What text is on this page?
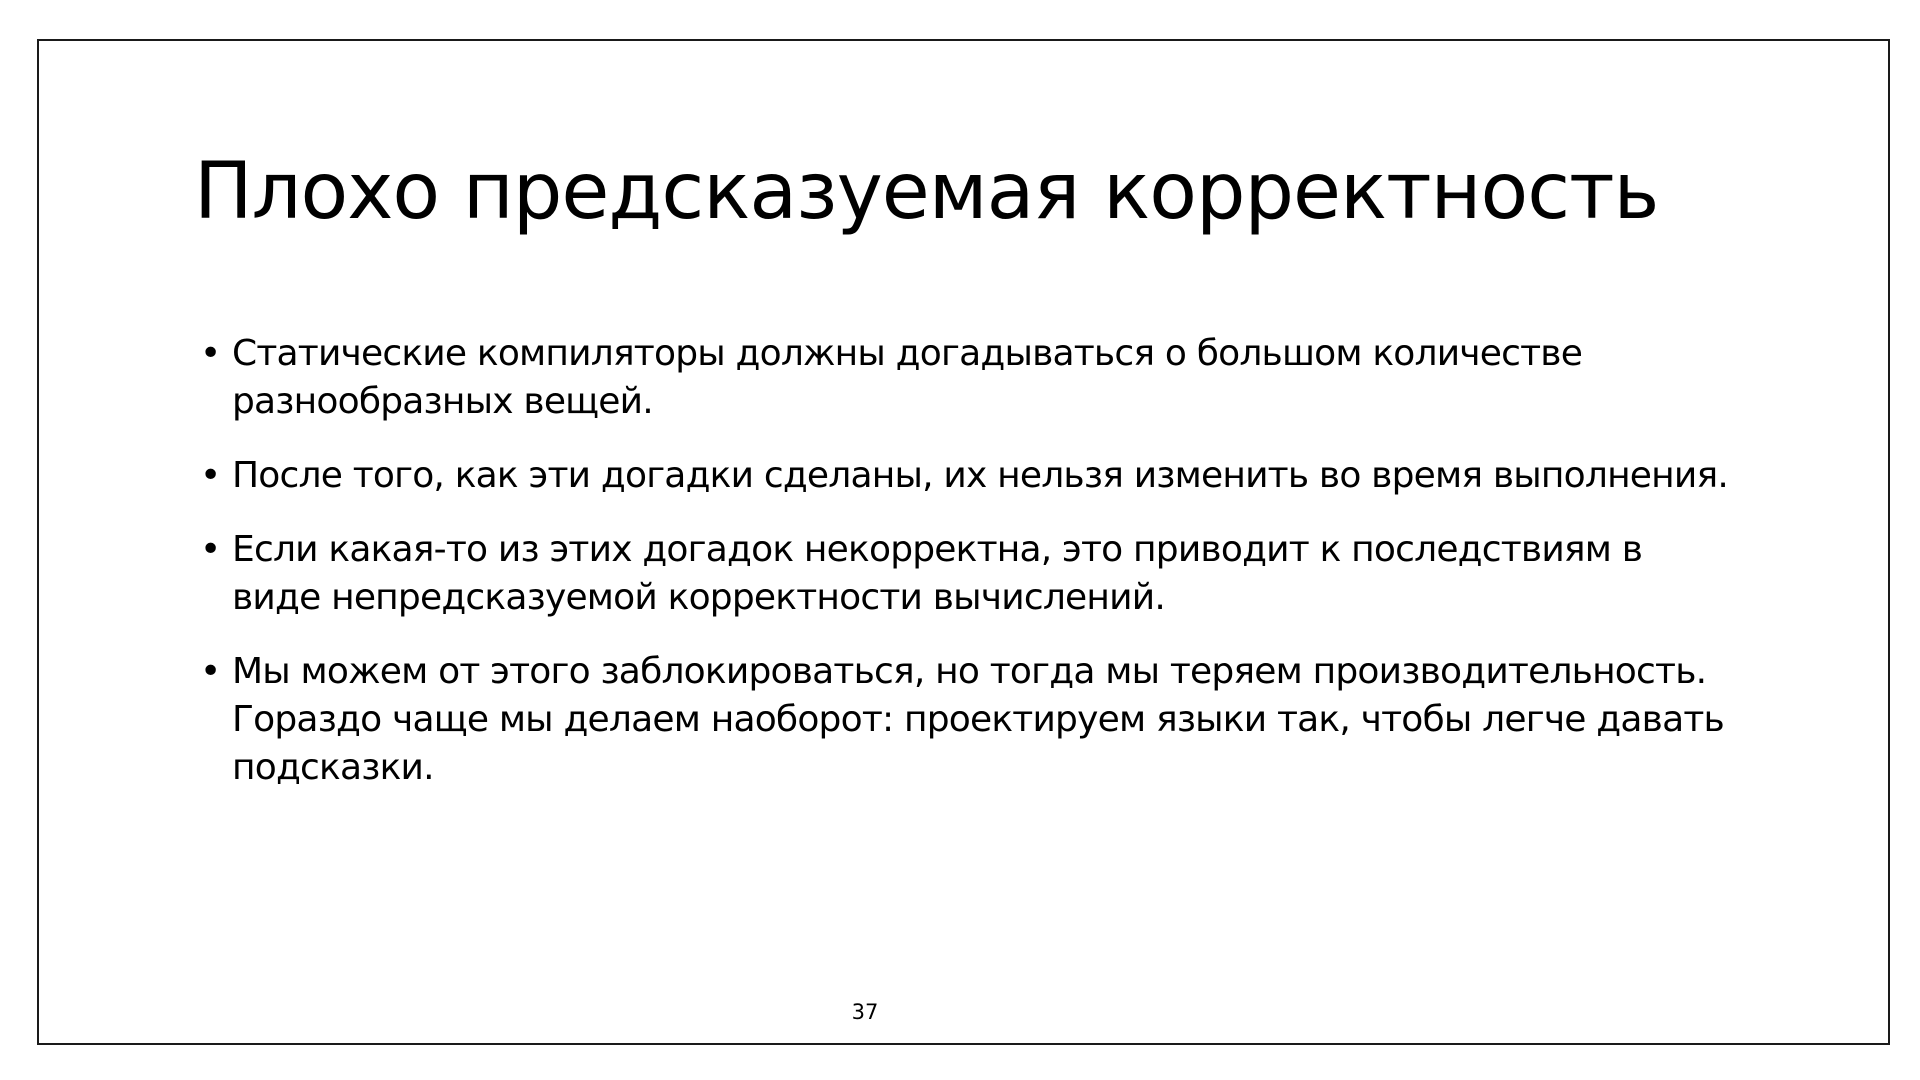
Плохо предсказуемая корректность
• Статические компиляторы должны догадываться о большом количестве разнообразных вещей.
• После того, как эти догадки сделаны, их нельзя изменить во время выполнения.
• Если какая-то из этих догадок некорректна, это приводит к последствиям в виде непредсказуемой корректности вычислений.
• Мы можем от этого заблокироваться, но тогда мы теряем производительность. Гораздо чаще мы делаем наоборот: проектируем языки так, чтобы легче давать подсказки.
37
